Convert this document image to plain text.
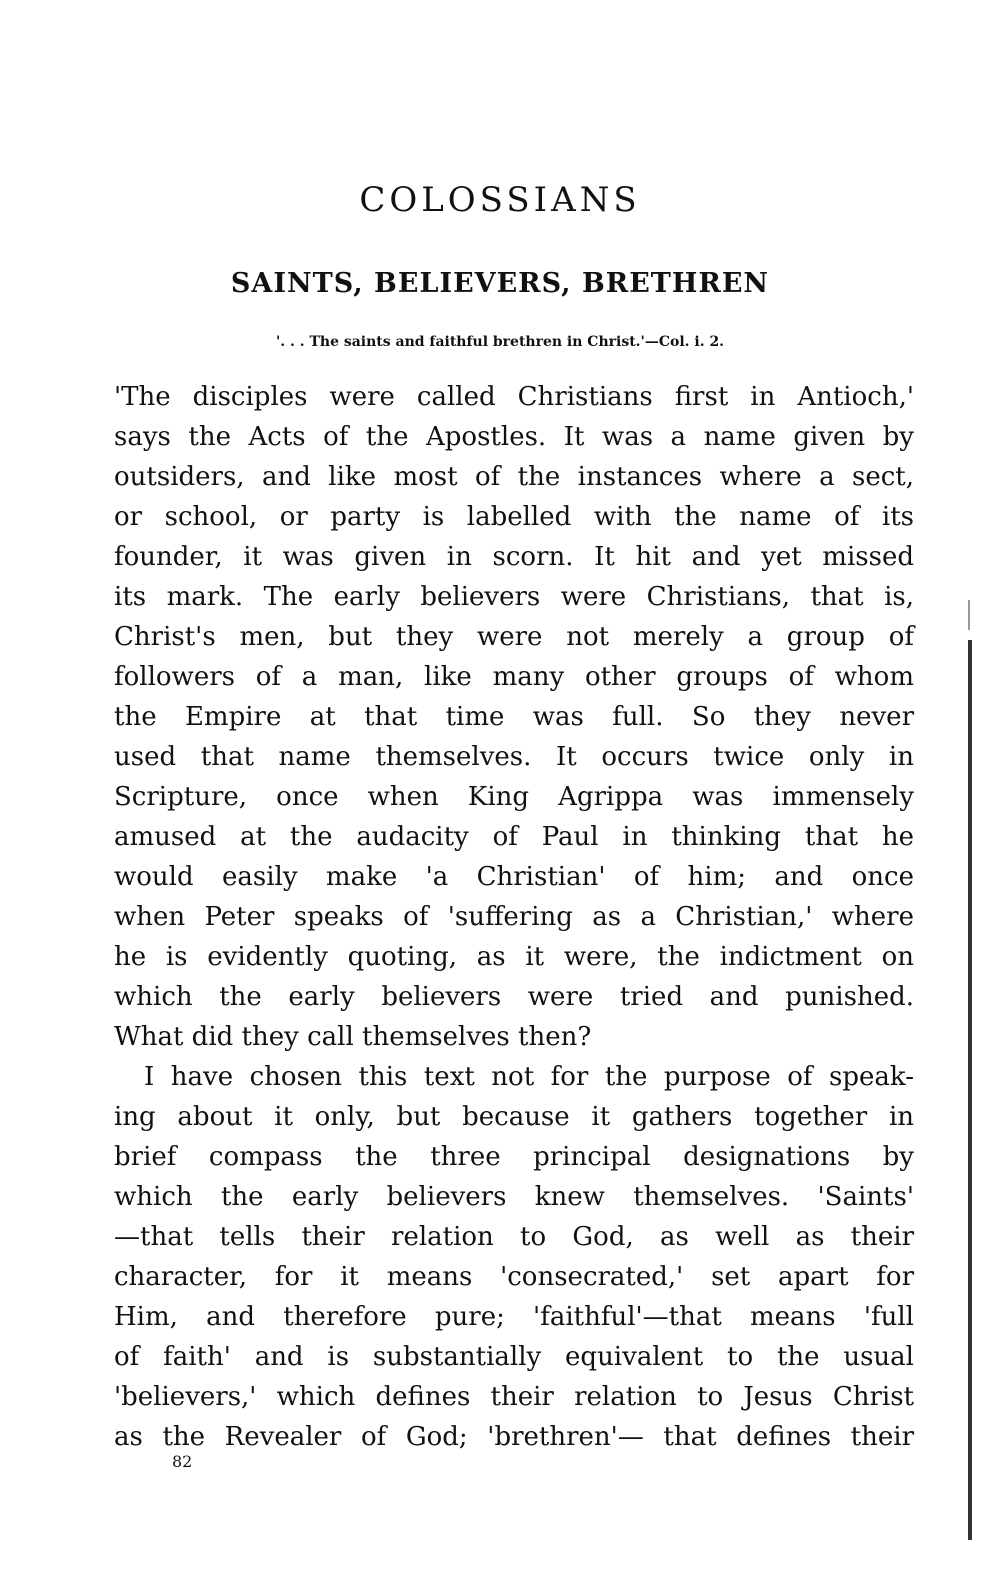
COLOSSIANS
SAINTS, BELIEVERS, BRETHREN
'. . . The saints and faithful brethren in Christ.'—Col. i. 2.
'The disciples were called Christians first in Antioch,'
says the Acts of the Apostles. It was a name given by
outsiders, and like most of the instances where a sect,
or school, or party is labelled with the name of its
founder, it was given in scorn. It hit and yet missed
its mark. The early believers were Christians, that is,
Christ's men, but they were not merely a group of
followers of a man, like many other groups of whom
the Empire at that time was full. So they never
used that name themselves. It occurs twice only in
Scripture, once when King Agrippa was immensely
amused at the audacity of Paul in thinking that he
would easily make 'a Christian' of him; and once
when Peter speaks of 'suffering as a Christian,' where
he is evidently quoting, as it were, the indictment on
which the early believers were tried and punished.
What did they call themselves then?
I have chosen this text not for the purpose of speak-
ing about it only, but because it gathers together in
brief compass the three principal designations by
which the early believers knew themselves. 'Saints'
—that tells their relation to God, as well as their
character, for it means 'consecrated,' set apart for
Him, and therefore pure; 'faithful'—that means 'full
of faith' and is substantially equivalent to the usual
'believers,' which defines their relation to Jesus Christ
as the Revealer of God; 'brethren'— that defines their
82
